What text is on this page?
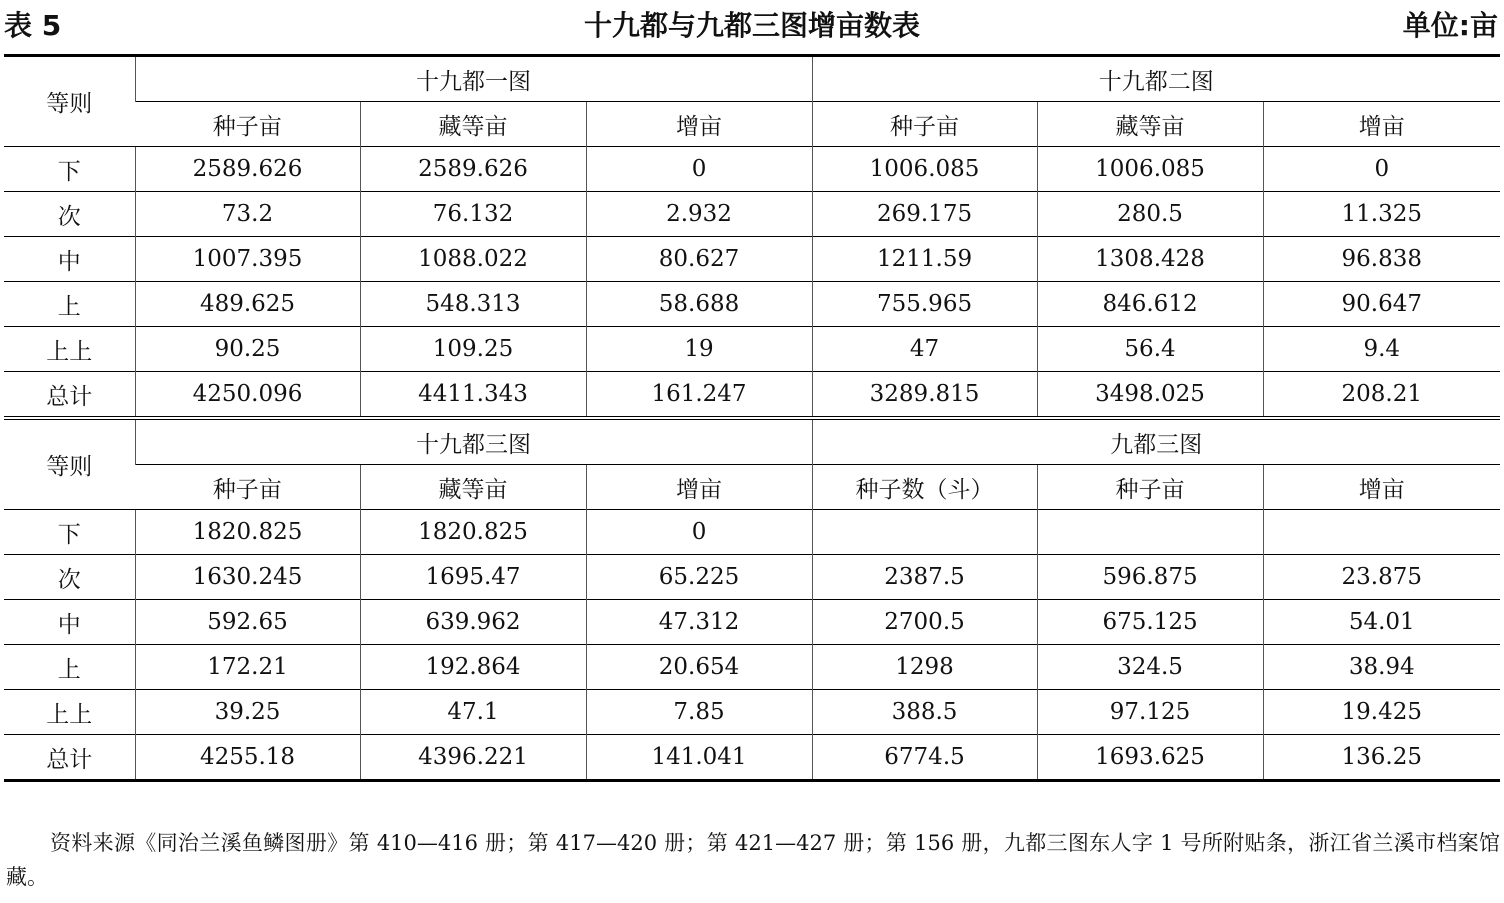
表 5	十九都与九都三图增亩数表	单位:亩
等则	十九都一图			十九都二图		
	种子亩	藏等亩	增亩	种子亩	藏等亩	增亩
下	2589.626	2589.626	0	1006.085	1006.085	0
次	73.2	76.132	2.932	269.175	280.5	11.325
中	1007.395	1088.022	80.627	1211.59	1308.428	96.838
上	489.625	548.313	58.688	755.965	846.612	90.647
上上	90.25	109.25	19	47	56.4	9.4
总计	4250.096	4411.343	161.247	3289.815	3498.025	208.21
等则	十九都三图			九都三图		
	种子亩	藏等亩	增亩	种子数（斗）	种子亩	增亩
下	1820.825	1820.825	0			
次	1630.245	1695.47	65.225	2387.5	596.875	23.875
中	592.65	639.962	47.312	2700.5	675.125	54.01
上	172.21	192.864	20.654	1298	324.5	38.94
上上	39.25	47.1	7.85	388.5	97.125	19.425
总计	4255.18	4396.221	141.041	6774.5	1693.625	136.25
资料来源《同治兰溪鱼鳞图册》第 410—416 册；第 417—420 册；第 421—427 册；第 156 册，九都三图东人字 1 号所附贴条，浙江省兰溪市档案馆藏。
